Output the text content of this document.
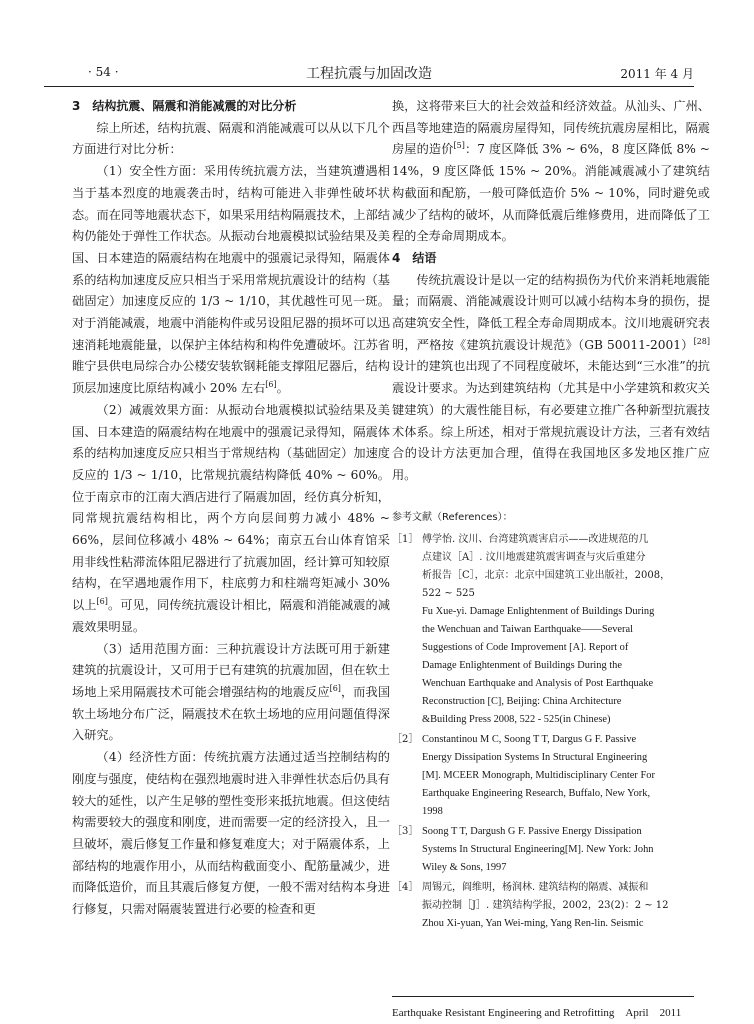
· 54 ·	工程抗震与加固改造	2011 年 4 月

3　结构抗震、隔震和消能减震的对比分析

综上所述，结构抗震、隔震和消能减震可以从以下几个方面进行对比分析：

（1）安全性方面：采用传统抗震方法，当建筑遭遇相当于基本烈度的地震袭击时，结构可能进入非弹性破坏状态。而在同等地震状态下，如果采用结构隔震技术，上部结构仍能处于弹性工作状态。从振动台地震模拟试验结果及美国、日本建造的隔震结构在地震中的强震记录得知，隔震体系的结构加速度反应只相当于采用常规抗震设计的结构（基础固定）加速度反应的 1/3 ~ 1/10，其优越性可见一斑。对于消能减震，地震中消能构件或另设阻尼器的损坏可以迅速消耗地震能量，以保护主体结构和构件免遭破坏。江苏省睢宁县供电局综合办公楼安装软钢耗能支撑阻尼器后，结构顶层加速度比原结构减小 20% 左右[6]。

（2）减震效果方面：从振动台地震模拟试验结果及美国、日本建造的隔震结构在地震中的强震记录得知，隔震体系的结构加速度反应只相当于常规结构（基础固定）加速度反应的 1/3 ~ 1/10，比常规抗震结构降低 40% ~ 60%。位于南京市的江南大酒店进行了隔震加固，经仿真分析知，同常规抗震结构相比，两个方向层间剪力减小 48% ~ 66%，层间位移减小 48% ~ 64%；南京五台山体育馆采用非线性粘滞流体阻尼器进行了抗震加固，经计算可知较原结构，在罕遇地震作用下，柱底剪力和柱端弯矩减小 30% 以上[6]。可见，同传统抗震设计相比，隔震和消能减震的减震效果明显。

（3）适用范围方面：三种抗震设计方法既可用于新建建筑的抗震设计，又可用于已有建筑的抗震加固，但在软土场地上采用隔震技术可能会增强结构的地震反应[6]，而我国软土场地分布广泛，隔震技术在软土场地的应用问题值得深入研究。

（4）经济性方面：传统抗震方法通过适当控制结构的刚度与强度，使结构在强烈地震时进入非弹性状态后仍具有较大的延性，以产生足够的塑性变形来抵抗地震。但这使结构需要较大的强度和刚度，进而需要一定的经济投入，且一旦破坏，震后修复工作量和修复难度大；对于隔震体系，上部结构的地震作用小，从而结构截面变小、配筋量减少，进而降低造价，而且其震后修复方便，一般不需对结构本身进行修复，只需对隔震装置进行必要的检查和更

换，这将带来巨大的社会效益和经济效益。从汕头、广州、西昌等地建造的隔震房屋得知，同传统抗震房屋相比，隔震房屋的造价[5]：7 度区降低 3% ~ 6%，8 度区降低 8% ~ 14%，9 度区降低 15% ~ 20%。消能减震减小了建筑结构截面和配筋，一般可降低造价 5% ~ 10%，同时避免或减少了结构的破坏，从而降低震后维修费用，进而降低了工程的全寿命周期成本。

4　结语

传统抗震设计是以一定的结构损伤为代价来消耗地震能量；而隔震、消能减震设计则可以减小结构本身的损伤，提高建筑安全性，降低工程全寿命周期成本。汶川地震研究表明，严格按《建筑抗震设计规范》（GB 50011-2001）[28]设计的建筑也出现了不同程度破坏，未能达到“三水准”的抗震设计要求。为达到建筑结构（尤其是中小学建筑和救灾关键建筑）的大震性能目标，有必要建立推广各种新型抗震技术体系。综上所述，相对于常规抗震设计方法，三者有效结合的设计方法更加合理，值得在我国地区多发地区推广应用。

参考文献（References）：
［1］ 傅学怡. 汶川、台湾建筑震害启示——改进规范的几
点建议［A］. 汶川地震建筑震害调查与灾后重建分
析报告［C］，北京：北京中国建筑工业出版社，2008，
522 ~ 525
Fu Xue-yi. Damage Enlightenment of Buildings During
the Wenchuan and Taiwan Earthquake——Several
Suggestions of Code Improvement [A]. Report of
Damage Enlightenment of Buildings During the
Wenchuan Earthquake and Analysis of Post Earthquake
Reconstruction [C], Beijing: China Architecture
&Building Press 2008, 522 - 525(in Chinese)
［2］ Constantinou M C, Soong T T, Dargus G F. Passive
Energy Dissipation Systems In Structural Engineering
[M]. MCEER Monograph, Multidisciplinary Center For
Earthquake Engineering Research, Buffalo, New York,
1998
［3］ Soong T T, Dargush G F. Passive Energy Dissipation
Systems In Structural Engineering[M]. New York: John
Wiley & Sons, 1997
［4］ 周锡元，阎维明，杨润林. 建筑结构的隔震、减振和
振动控制［J］. 建筑结构学报，2002，23(2)：2 ~ 12
Zhou Xi-yuan, Yan Wei-ming, Yang Ren-lin. Seismic
Earthquake Resistant Engineering and Retrofitting　April　2011
